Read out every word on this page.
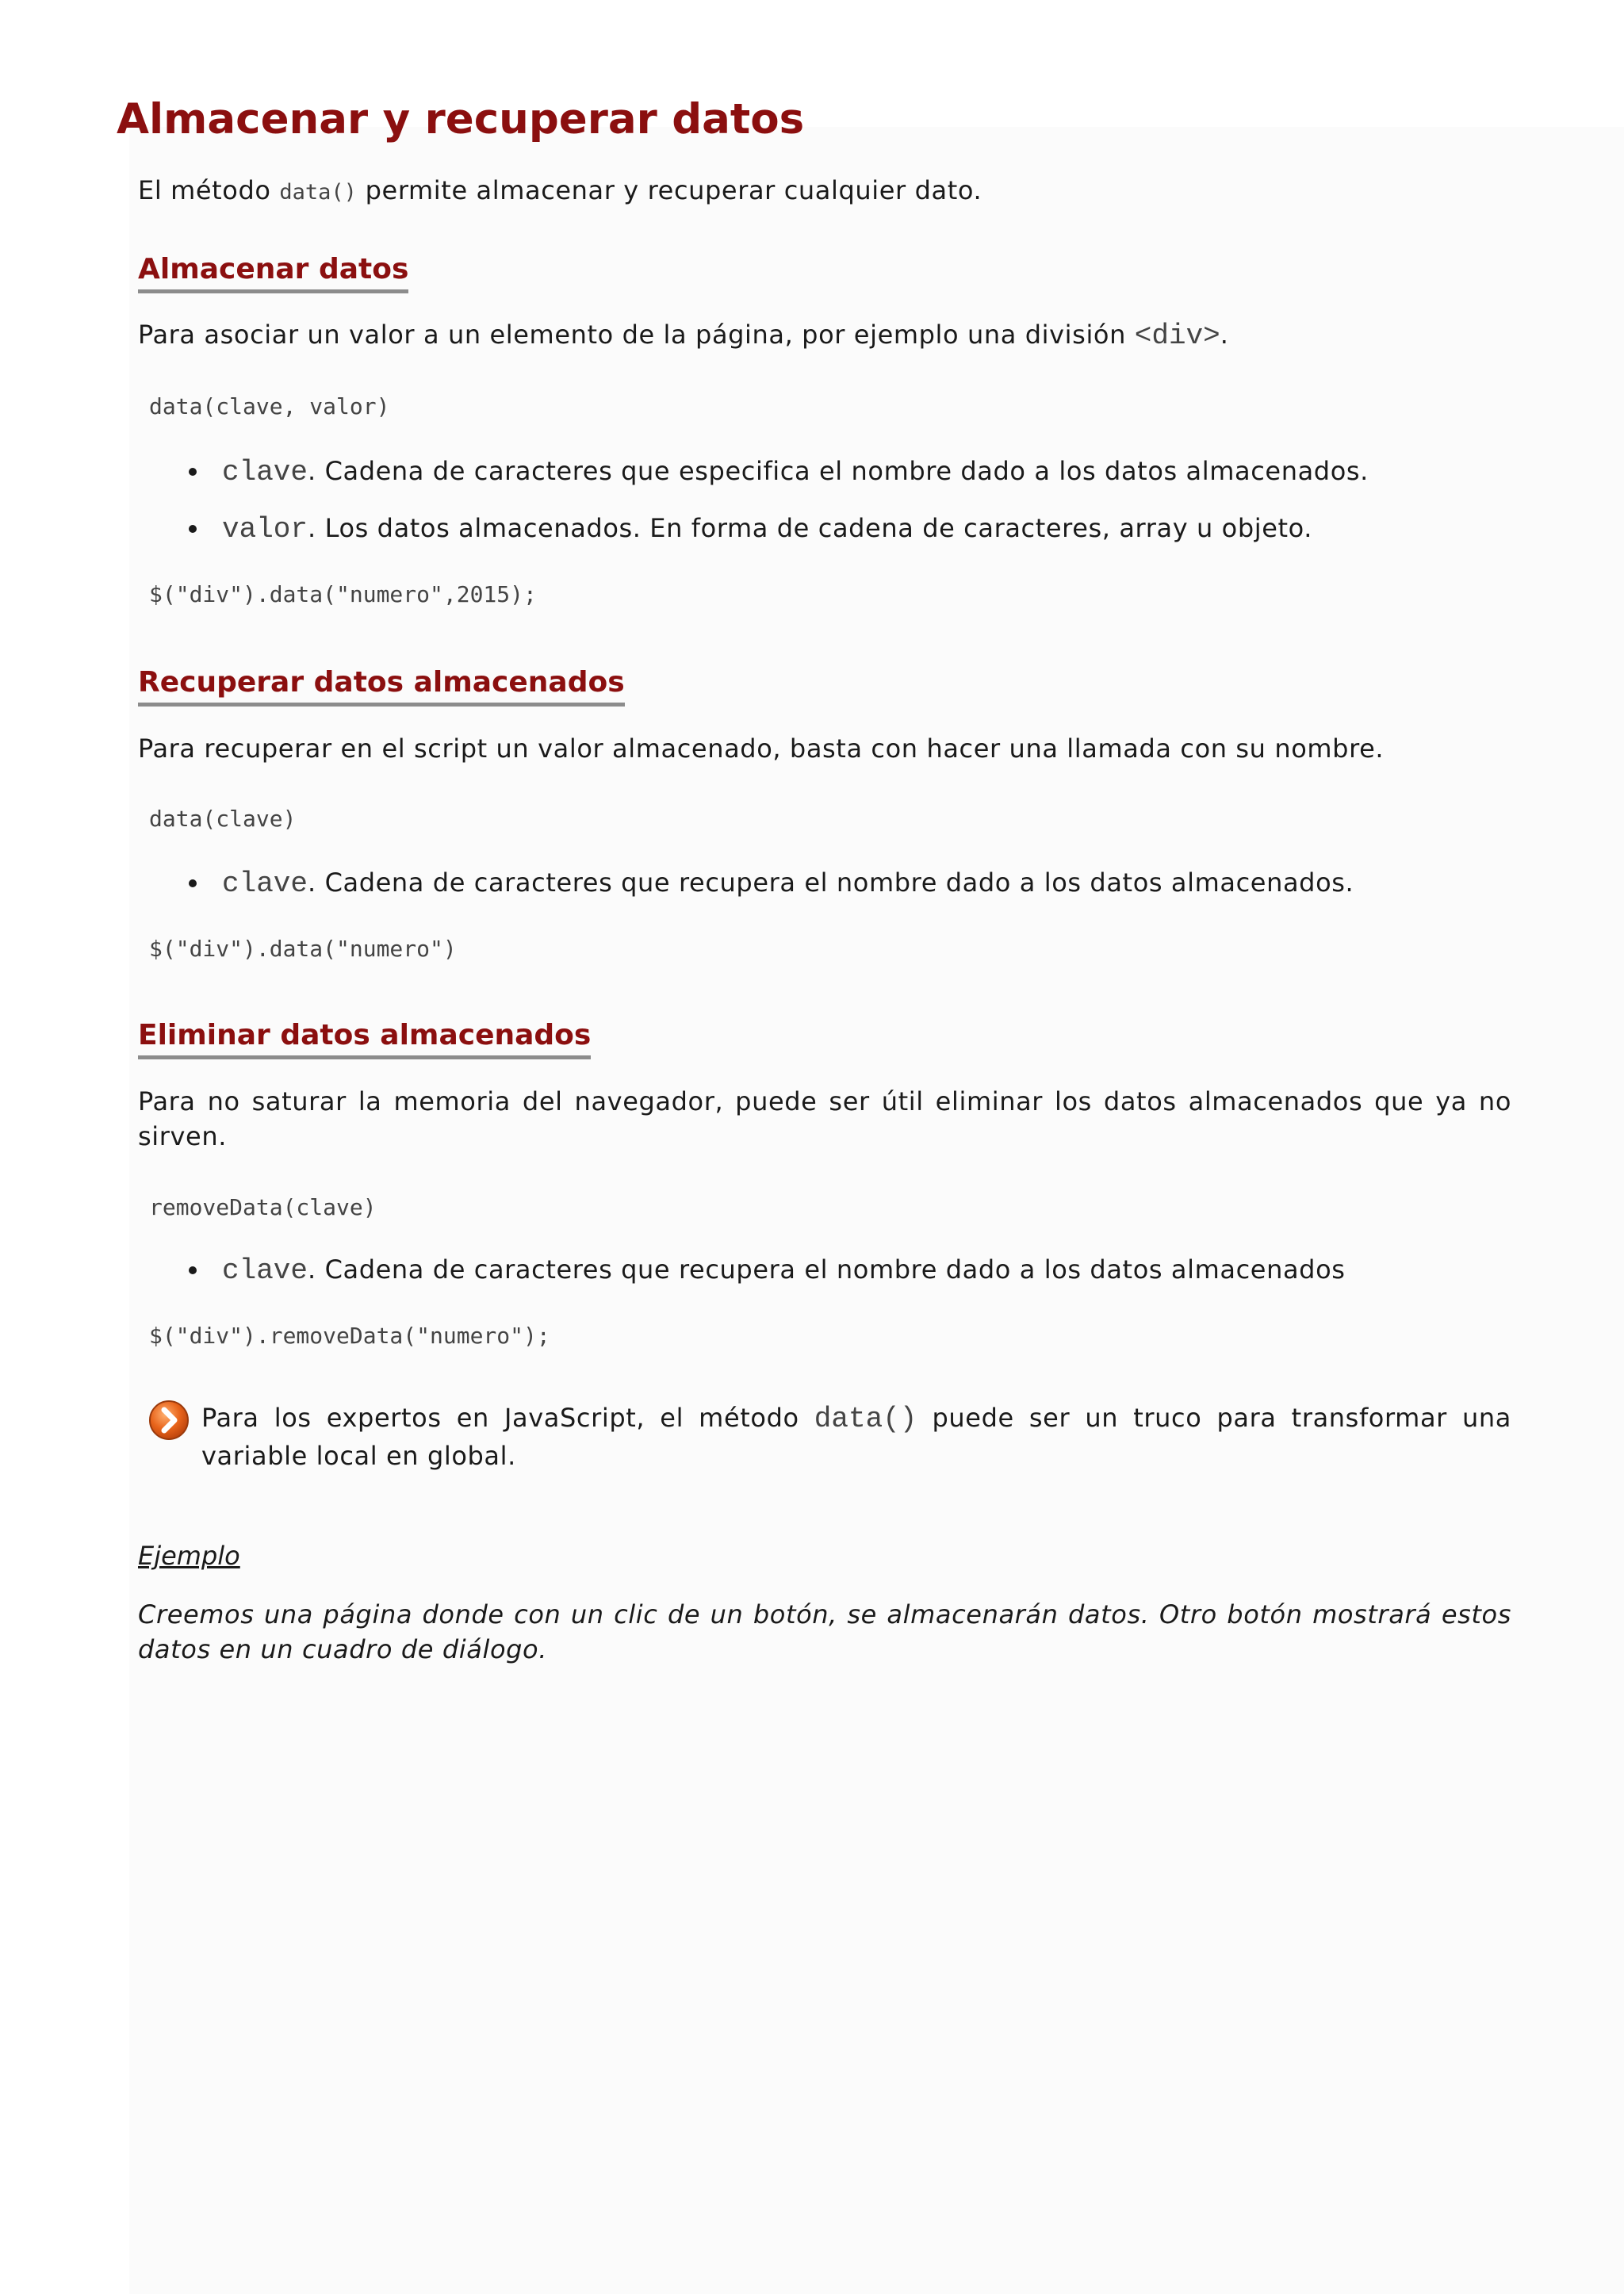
Almacenar y recuperar datos

El método data() permite almacenar y recuperar cualquier dato.

Almacenar datos

Para asociar un valor a un elemento de la página, por ejemplo una división <div>.

data(clave, valor)
clave. Cadena de caracteres que especifica el nombre dado a los datos almacenados.
valor. Los datos almacenados. En forma de cadena de caracteres, array u objeto.
$("div").data("numero",2015);
Recuperar datos almacenados

Para recuperar en el script un valor almacenado, basta con hacer una llamada con su nombre.

data(clave)
clave. Cadena de caracteres que recupera el nombre dado a los datos almacenados.
$("div").data("numero")
Eliminar datos almacenados

Para no saturar la memoria del navegador, puede ser útil eliminar los datos almacenados que ya no sirven.

removeData(clave)
clave. Cadena de caracteres que recupera el nombre dado a los datos almacenados
$("div").removeData("numero");

Para los expertos en JavaScript, el método data() puede ser un truco para transformar una variable local en global.

Ejemplo

Creemos una página donde con un clic de un botón, se almacenarán datos. Otro botón mostrará estos datos en un cuadro de diálogo.
